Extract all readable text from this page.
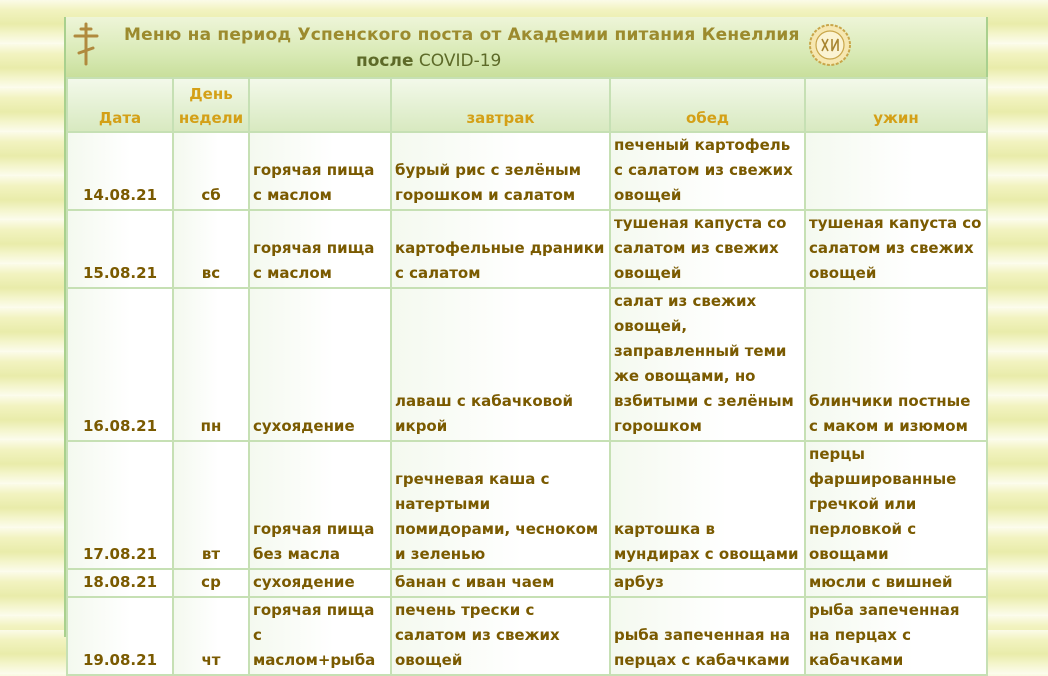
Меню на период Успенского поста от Академии питания Кенеллия
после COVID-19
Дата	День недели		завтрак	обед	ужин
14.08.21	сб	горячая пища с маслом	бурый рис с зелёным горошком и салатом	печеный картофель с салатом из свежих овощей	
15.08.21	вс	горячая пища с маслом	картофельные драники с салатом	тушеная капуста со салатом из свежих овощей	тушеная капуста со салатом из свежих овощей
16.08.21	пн	сухоядение	лаваш с кабачковой икрой	салат из свежих овощей, заправленный теми же овощами, но взбитыми с зелёным горошком	блинчики постные с маком и изюмом
17.08.21	вт	горячая пища без масла	гречневая каша с натертыми помидорами, чесноком и зеленью	картошка в мундирах с овощами	перцы фаршированные гречкой или перловкой с овощами
18.08.21	ср	сухоядение	банан с иван чаем	арбуз	мюсли с вишней
19.08.21	чт	горячая пища с маслом+рыба	печень трески с салатом из свежих овощей	рыба запеченная на перцах с кабачками	рыба запеченная на перцах с кабачками
